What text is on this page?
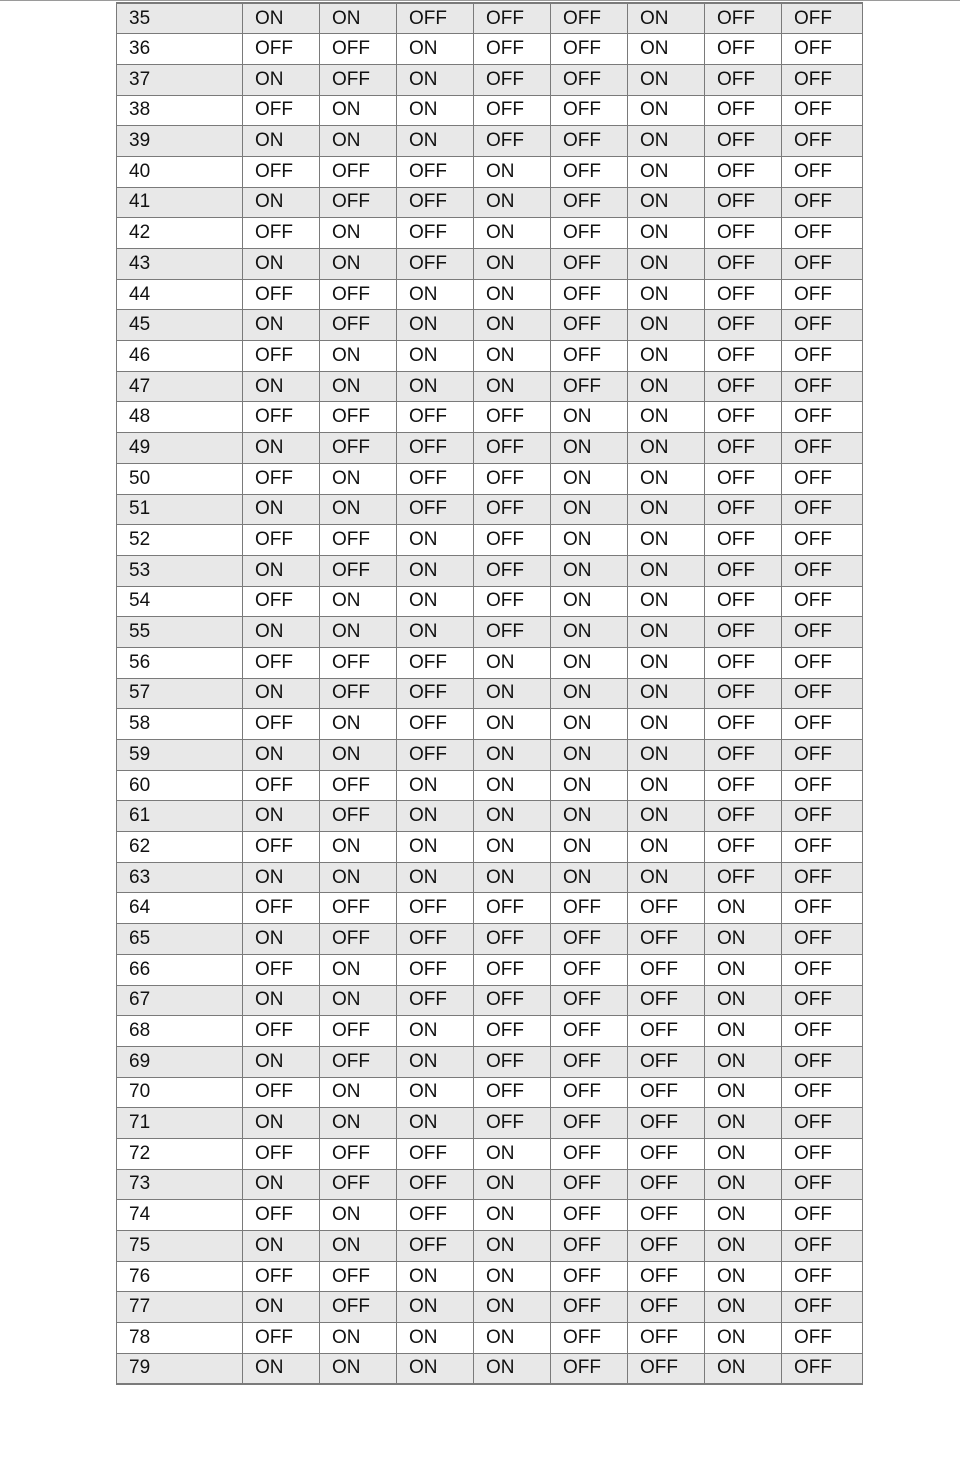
35	ON	ON	OFF	OFF	OFF	ON	OFF	OFF
36	OFF	OFF	ON	OFF	OFF	ON	OFF	OFF
37	ON	OFF	ON	OFF	OFF	ON	OFF	OFF
38	OFF	ON	ON	OFF	OFF	ON	OFF	OFF
39	ON	ON	ON	OFF	OFF	ON	OFF	OFF
40	OFF	OFF	OFF	ON	OFF	ON	OFF	OFF
41	ON	OFF	OFF	ON	OFF	ON	OFF	OFF
42	OFF	ON	OFF	ON	OFF	ON	OFF	OFF
43	ON	ON	OFF	ON	OFF	ON	OFF	OFF
44	OFF	OFF	ON	ON	OFF	ON	OFF	OFF
45	ON	OFF	ON	ON	OFF	ON	OFF	OFF
46	OFF	ON	ON	ON	OFF	ON	OFF	OFF
47	ON	ON	ON	ON	OFF	ON	OFF	OFF
48	OFF	OFF	OFF	OFF	ON	ON	OFF	OFF
49	ON	OFF	OFF	OFF	ON	ON	OFF	OFF
50	OFF	ON	OFF	OFF	ON	ON	OFF	OFF
51	ON	ON	OFF	OFF	ON	ON	OFF	OFF
52	OFF	OFF	ON	OFF	ON	ON	OFF	OFF
53	ON	OFF	ON	OFF	ON	ON	OFF	OFF
54	OFF	ON	ON	OFF	ON	ON	OFF	OFF
55	ON	ON	ON	OFF	ON	ON	OFF	OFF
56	OFF	OFF	OFF	ON	ON	ON	OFF	OFF
57	ON	OFF	OFF	ON	ON	ON	OFF	OFF
58	OFF	ON	OFF	ON	ON	ON	OFF	OFF
59	ON	ON	OFF	ON	ON	ON	OFF	OFF
60	OFF	OFF	ON	ON	ON	ON	OFF	OFF
61	ON	OFF	ON	ON	ON	ON	OFF	OFF
62	OFF	ON	ON	ON	ON	ON	OFF	OFF
63	ON	ON	ON	ON	ON	ON	OFF	OFF
64	OFF	OFF	OFF	OFF	OFF	OFF	ON	OFF
65	ON	OFF	OFF	OFF	OFF	OFF	ON	OFF
66	OFF	ON	OFF	OFF	OFF	OFF	ON	OFF
67	ON	ON	OFF	OFF	OFF	OFF	ON	OFF
68	OFF	OFF	ON	OFF	OFF	OFF	ON	OFF
69	ON	OFF	ON	OFF	OFF	OFF	ON	OFF
70	OFF	ON	ON	OFF	OFF	OFF	ON	OFF
71	ON	ON	ON	OFF	OFF	OFF	ON	OFF
72	OFF	OFF	OFF	ON	OFF	OFF	ON	OFF
73	ON	OFF	OFF	ON	OFF	OFF	ON	OFF
74	OFF	ON	OFF	ON	OFF	OFF	ON	OFF
75	ON	ON	OFF	ON	OFF	OFF	ON	OFF
76	OFF	OFF	ON	ON	OFF	OFF	ON	OFF
77	ON	OFF	ON	ON	OFF	OFF	ON	OFF
78	OFF	ON	ON	ON	OFF	OFF	ON	OFF
79	ON	ON	ON	ON	OFF	OFF	ON	OFF
